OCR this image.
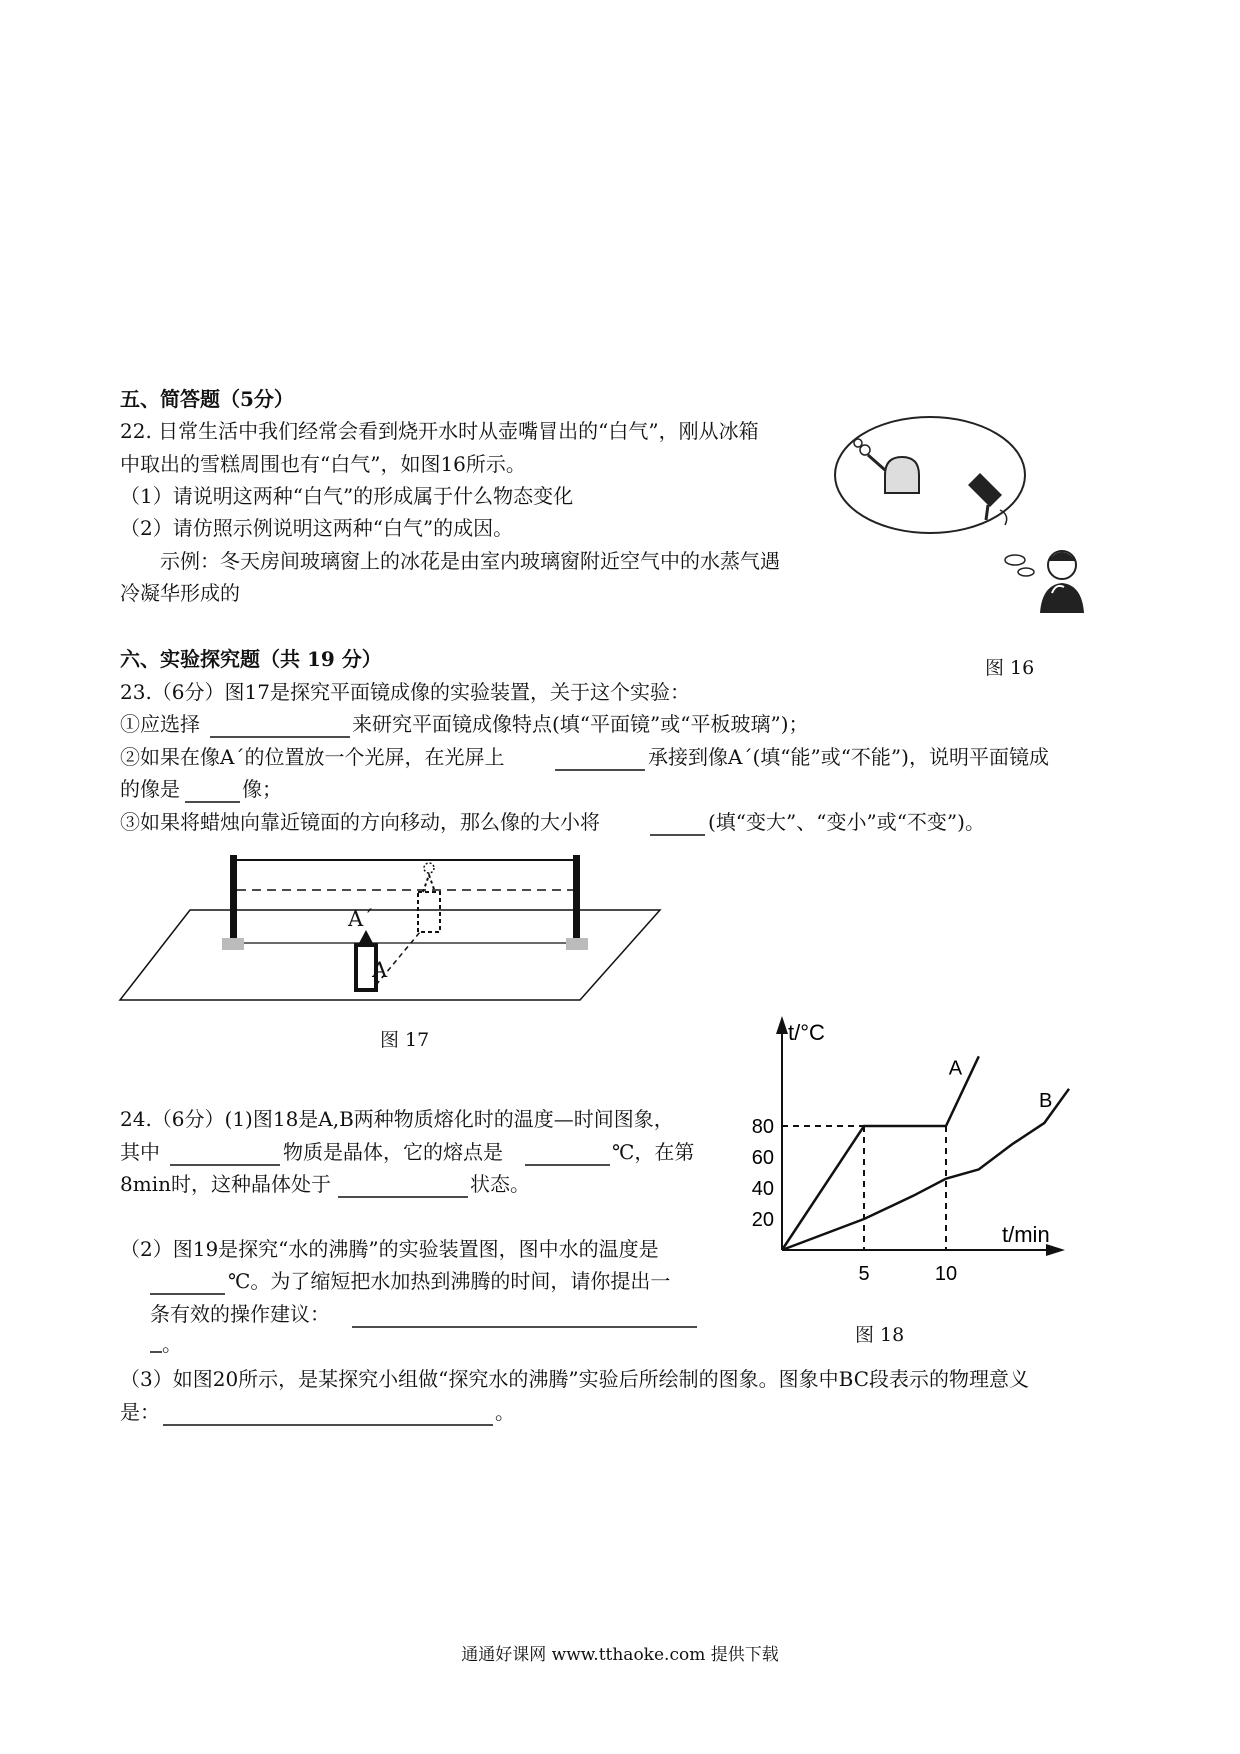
五、简答题（5分）
22. 日常生活中我们经常会看到烧开水时从壶嘴冒出的“白气”，刚从冰箱
中取出的雪糕周围也有“白气”，如图16所示。
（1）请说明这两种“白气”的形成属于什么物态变化
（2）请仿照示例说明这两种“白气”的成因。
示例：冬天房间玻璃窗上的冰花是由室内玻璃窗附近空气中的水蒸气遇
冷凝华形成的
图 16
六、实验探究题（共 19 分）
23.（6分）图17是探究平面镜成像的实验装置，关于这个实验：
①应选择	来研究平面镜成像特点(填“平面镜”或“平板玻璃”)；
②如果在像A´的位置放一个光屏，在光屏上	承接到像A´(填“能”或“不能”)，说明平面镜成
的像是	像；
③如果将蜡烛向靠近镜面的方向移动，那么像的大小将	(填“变大”、“变小”或“不变”)。
A´
A
图 17
24.（6分）(1)图18是A,B两种物质熔化时的温度—时间图象，
其中	物质是晶体，它的熔点是	℃，在第
8min时，这种晶体处于	状态。
（2）图19是探究“水的沸腾”的实验装置图，图中水的温度是
℃。为了缩短把水加热到沸腾的时间，请你提出一
条有效的操作建议：
。
（3）如图20所示，是某探究小组做“探究水的沸腾”实验后所绘制的图象。图象中BC段表示的物理意义
是：	。
t/°C
t/min
20
40
60
80
5	10
A
B
图 18
通通好课网 www.tthaoke.com 提供下载
